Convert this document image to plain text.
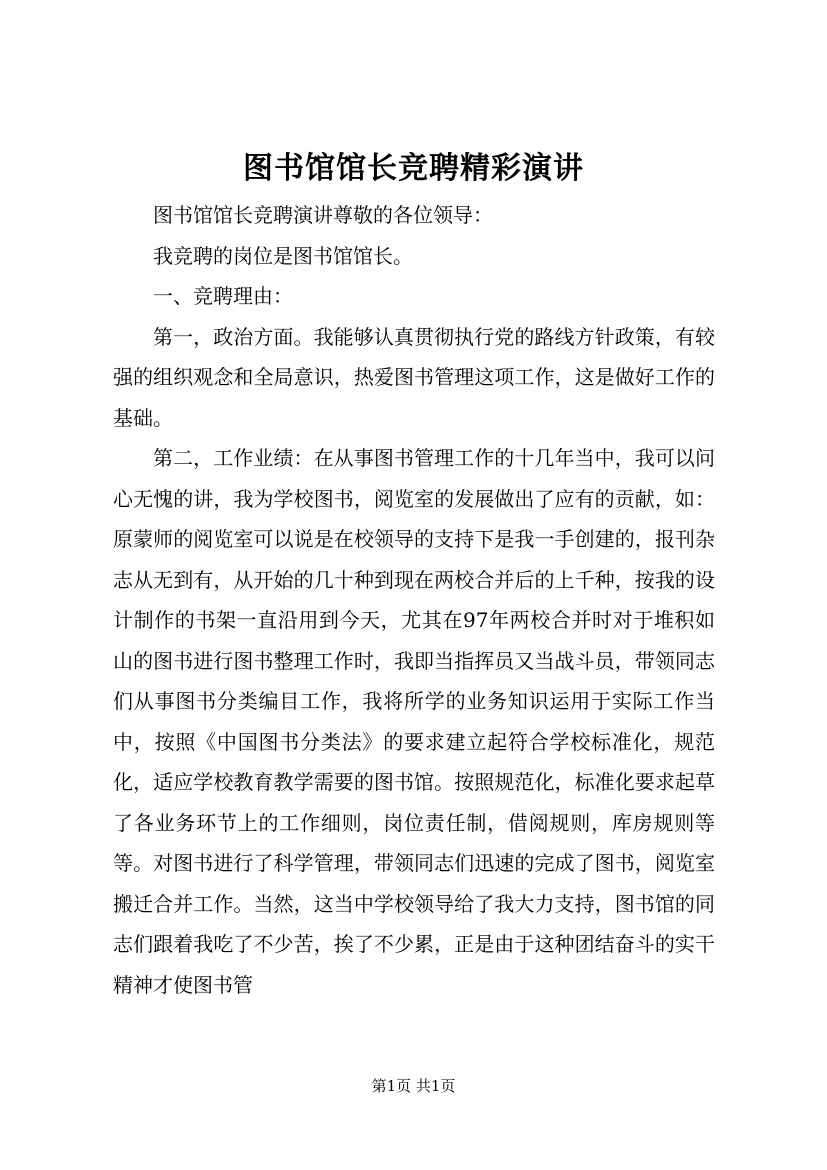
图书馆馆长竞聘精彩演讲

图书馆馆长竞聘演讲尊敬的各位领导：

我竞聘的岗位是图书馆馆长。

一、竞聘理由：

第一，政治方面。我能够认真贯彻执行党的路线方针政策，有较强的组织观念和全局意识，热爱图书管理这项工作，这是做好工作的基础。

第二，工作业绩：在从事图书管理工作的十几年当中，我可以问心无愧的讲，我为学校图书，阅览室的发展做出了应有的贡献，如：原蒙师的阅览室可以说是在校领导的支持下是我一手创建的，报刊杂志从无到有，从开始的几十种到现在两校合并后的上千种，按我的设计制作的书架一直沿用到今天，尤其在97年两校合并时对于堆积如山的图书进行图书整理工作时，我即当指挥员又当战斗员，带领同志们从事图书分类编目工作，我将所学的业务知识运用于实际工作当中，按照《中国图书分类法》的要求建立起符合学校标准化，规范化，适应学校教育教学需要的图书馆。按照规范化，标准化要求起草了各业务环节上的工作细则，岗位责任制，借阅规则，库房规则等等。对图书进行了科学管理，带领同志们迅速的完成了图书，阅览室搬迁合并工作。当然，这当中学校领导给了我大力支持，图书馆的同志们跟着我吃了不少苦，挨了不少累，正是由于这种团结奋斗的实干精神才使图书管

第1页 共1页
